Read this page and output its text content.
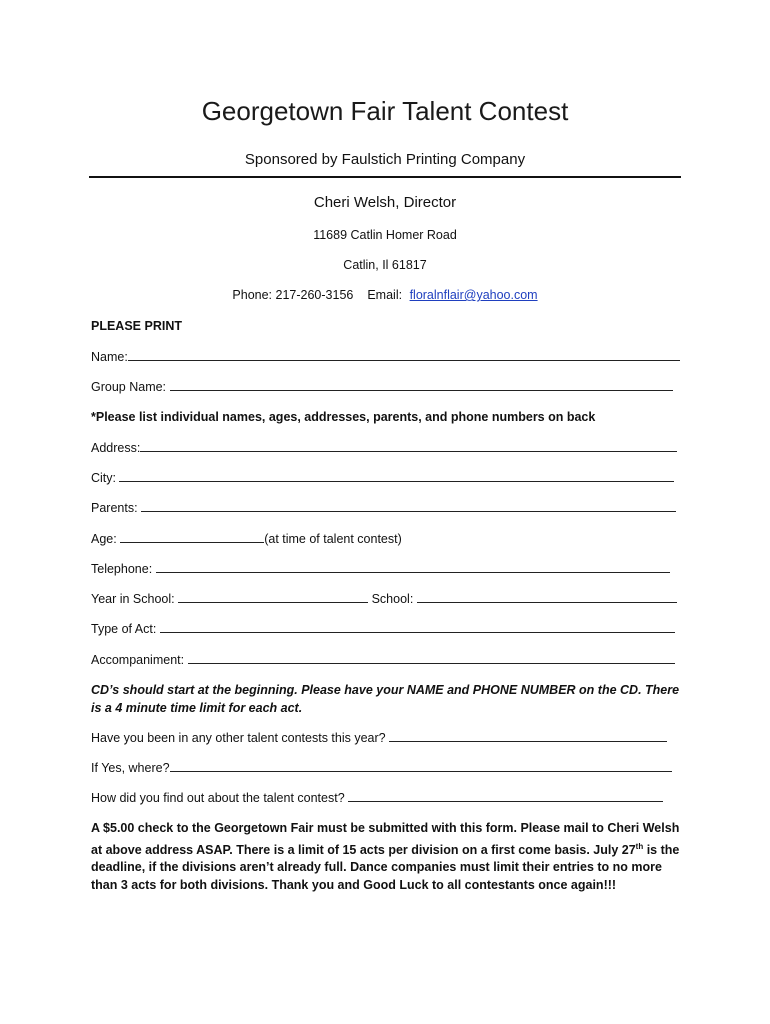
Georgetown Fair Talent Contest
Sponsored by Faulstich Printing Company
Cheri Welsh, Director
11689 Catlin Homer Road
Catlin, Il 61817
Phone: 217-260-3156 Email: floralnflair@yahoo.com
PLEASE PRINT
Name:
Group Name:
*Please list individual names, ages, addresses, parents, and phone numbers on back
Address:
City:
Parents:
Age:	(at time of talent contest)
Telephone:
Year in School:	School:
Type of Act:
Accompaniment:
CD’s should start at the beginning. Please have your NAME and PHONE NUMBER on the CD. There is a 4 minute time limit for each act.
Have you been in any other talent contests this year?
If Yes, where?
How did you find out about the talent contest?
A $5.00 check to the Georgetown Fair must be submitted with this form. Please mail to Cheri Welsh at above address ASAP. There is a limit of 15 acts per division on a first come basis. July 27th is the deadline, if the divisions aren’t already full. Dance companies must limit their entries to no more than 3 acts for both divisions. Thank you and Good Luck to all contestants once again!!!
